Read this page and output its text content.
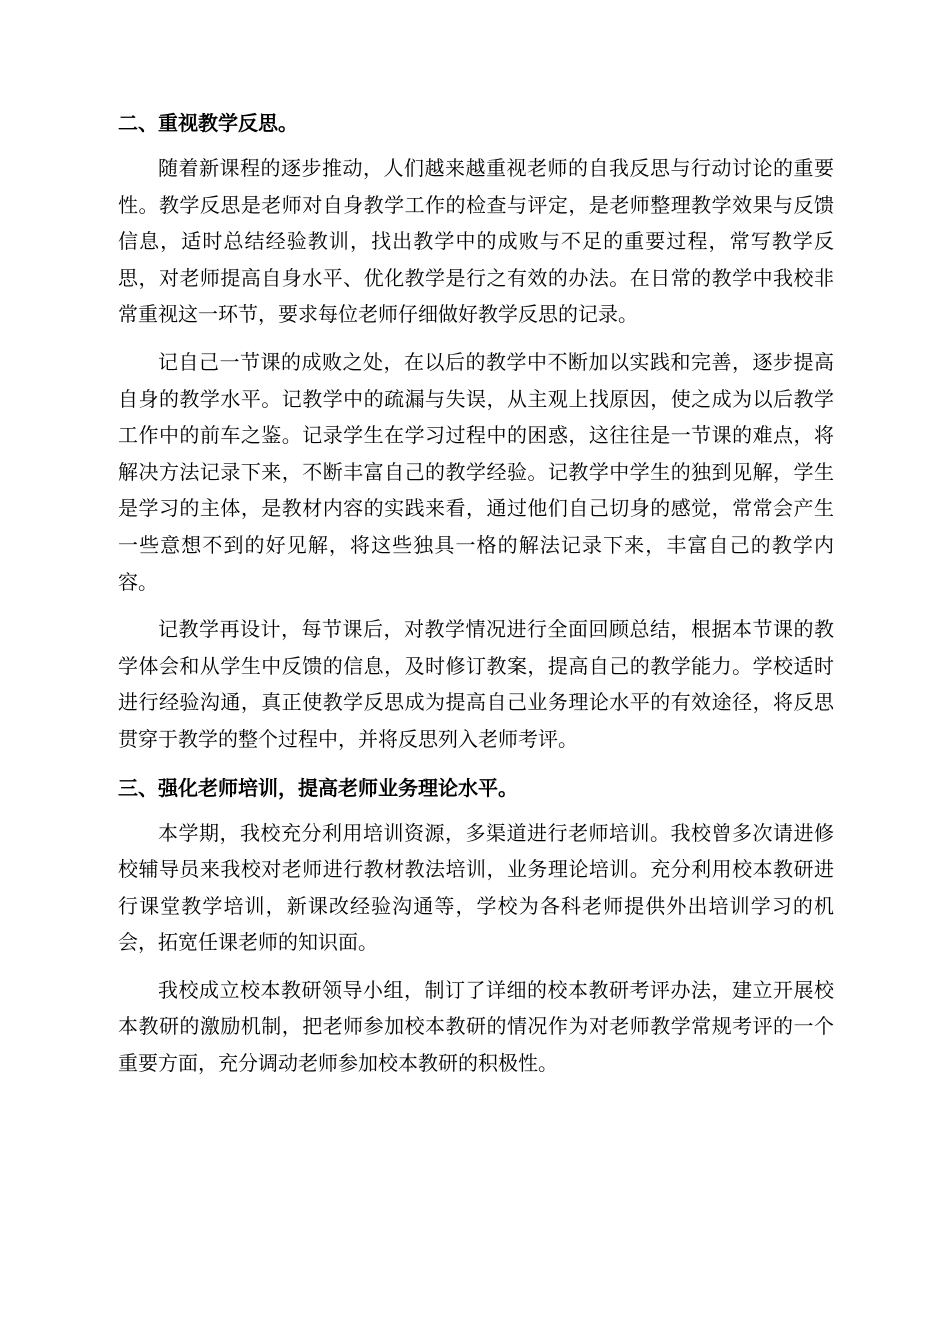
二、重视教学反思。

随着新课程的逐步推动，人们越来越重视老师的自我反思与行动讨论的重要性。教学反思是老师对自身教学工作的检查与评定，是老师整理教学效果与反馈信息，适时总结经验教训，找出教学中的成败与不足的重要过程，常写教学反思，对老师提高自身水平、优化教学是行之有效的办法。在日常的教学中我校非常重视这一环节，要求每位老师仔细做好教学反思的记录。

记自己一节课的成败之处，在以后的教学中不断加以实践和完善，逐步提高自身的教学水平。记教学中的疏漏与失误，从主观上找原因，使之成为以后教学工作中的前车之鉴。记录学生在学习过程中的困惑，这往往是一节课的难点，将解决方法记录下来，不断丰富自己的教学经验。记教学中学生的独到见解，学生是学习的主体，是教材内容的实践来看，通过他们自己切身的感觉，常常会产生一些意想不到的好见解，将这些独具一格的解法记录下来，丰富自己的教学内容。

记教学再设计，每节课后，对教学情况进行全面回顾总结，根据本节课的教学体会和从学生中反馈的信息，及时修订教案，提高自己的教学能力。学校适时进行经验沟通，真正使教学反思成为提高自己业务理论水平的有效途径，将反思贯穿于教学的整个过程中，并将反思列入老师考评。

三、强化老师培训，提高老师业务理论水平。

本学期，我校充分利用培训资源，多渠道进行老师培训。我校曾多次请进修校辅导员来我校对老师进行教材教法培训，业务理论培训。充分利用校本教研进行课堂教学培训，新课改经验沟通等，学校为各科老师提供外出培训学习的机会，拓宽任课老师的知识面。

我校成立校本教研领导小组，制订了详细的校本教研考评办法，建立开展校本教研的激励机制，把老师参加校本教研的情况作为对老师教学常规考评的一个重要方面，充分调动老师参加校本教研的积极性。
